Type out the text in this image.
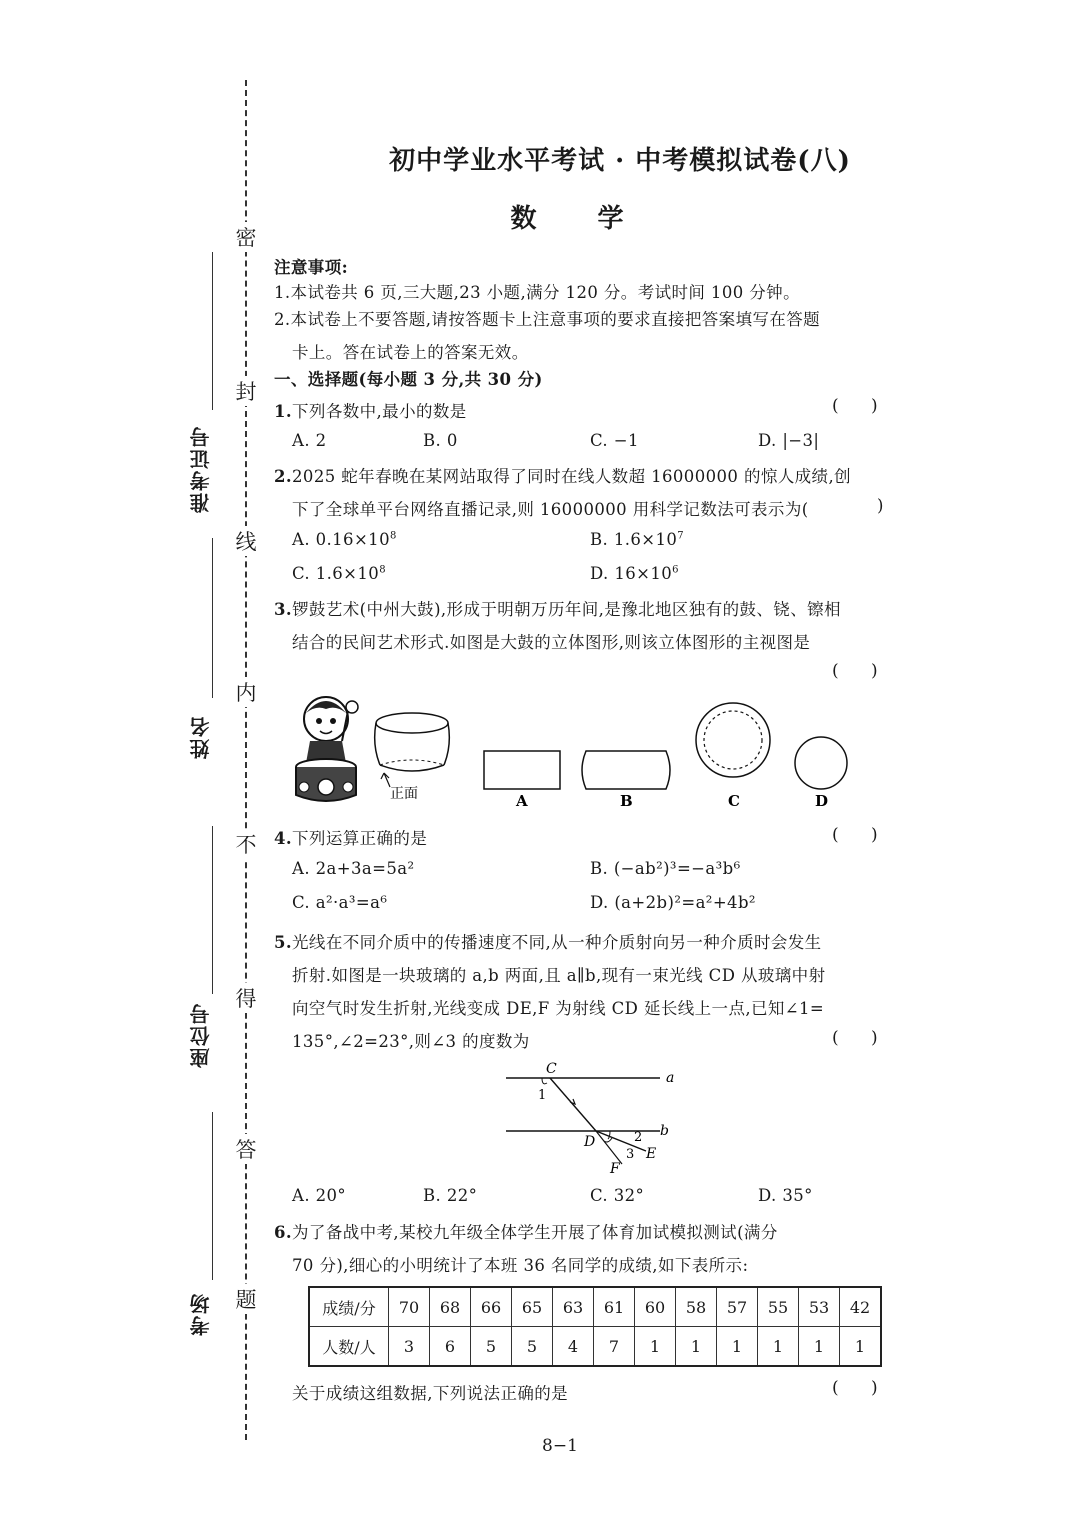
密
封
线
内
不
得
答
题
准考证号
姓名
座位号
考场
初中学业水平考试 · 中考模拟试卷(八)
数 学
注意事项:
1.本试卷共 6 页,三大题,23 小题,满分 120 分。考试时间 100 分钟。
2.本试卷上不要答题,请按答题卡上注意事项的要求直接把答案填写在答题
卡上。答在试卷上的答案无效。
一、选择题(每小题 3 分,共 30 分)
1.下列各数中,最小的数是	(      )
A. 2	B. 0	C. −1	D. |−3|
2.2025 蛇年春晚在某网站取得了同时在线人数超 16000000 的惊人成绩,创
下了全球单平台网络直播记录,则 16000000 用科学记数法可表示为(	)
A. $0.16\times 10^8$	B. $1.6\times 10^7$
C. $1.6\times 10^8$	D. $16\times 10^6$
3.锣鼓艺术(中州大鼓),形成于明朝万历年间,是豫北地区独有的鼓、铙、镲相
结合的民间艺术形式.如图是大鼓的立体图形,则该立体图形的主视图是
(      )
正面	A	B	C	D
4.下列运算正确的是	(      )
A. 2a+3a=5a²	B. (−ab²)³=−a³b⁶
C. a²·a³=a⁶	D. (a+2b)²=a²+4b²
5.光线在不同介质中的传播速度不同,从一种介质射向另一种介质时会发生
折射.如图是一块玻璃的 a,b 两面,且 a∥b,现有一束光线 CD 从玻璃中射
向空气时发生折射,光线变成 DE,F 为射线 CD 延长线上一点,已知∠1=
135°,∠2=23°,则∠3 的度数为	(      )
C
a
b
D
E
F
1
2
3
A. 20°	B. 22°	C. 32°	D. 35°
6.为了备战中考,某校九年级全体学生开展了体育加试模拟测试(满分
70 分),细心的小明统计了本班 36 名同学的成绩,如下表所示:
成绩/分	70	68	66	65	63	61	60	58	57	55	53	42
人数/人	3	6	5	5	4	7	1	1	1	1	1	1
关于成绩这组数据,下列说法正确的是	(      )
8−1
